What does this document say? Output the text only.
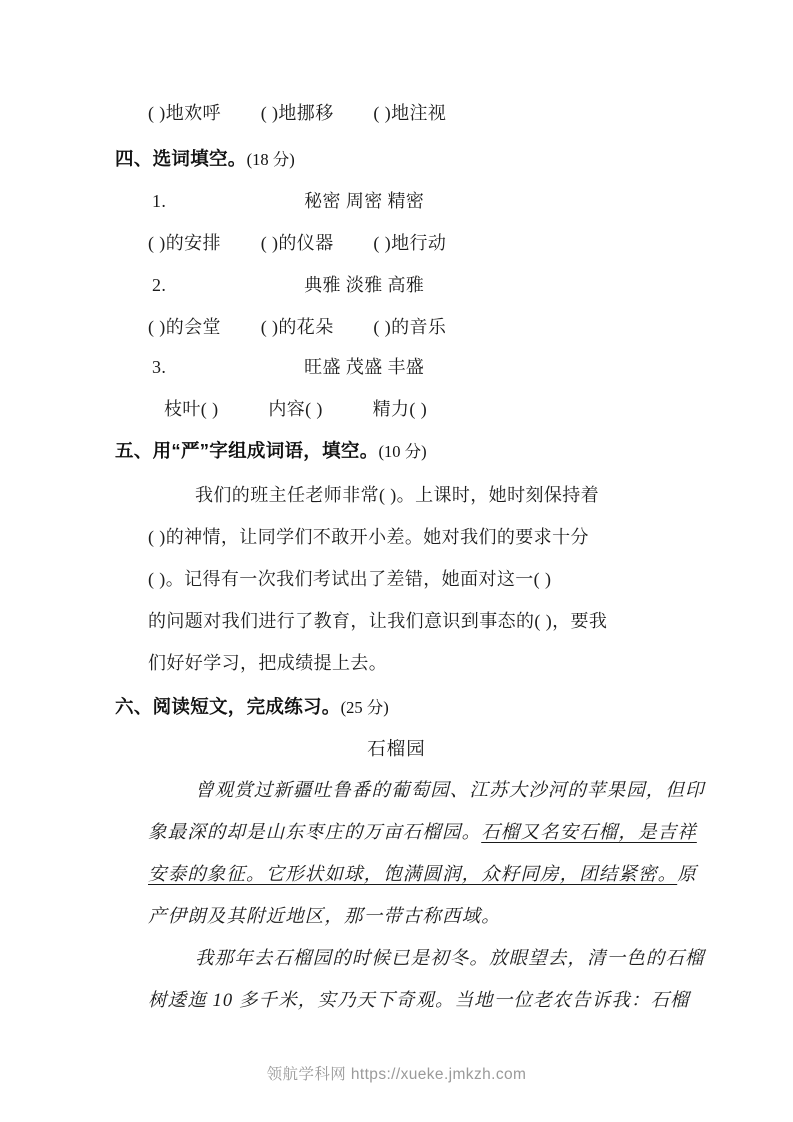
( )地欢呼 ( )地挪移 ( )地注视
四、选词填空。(18 分)
1.	秘密 周密 精密
( )的安排 ( )的仪器 ( )地行动
2.	典雅 淡雅 高雅
( )的会堂 ( )的花朵 ( )的音乐
3.	旺盛 茂盛 丰盛
枝叶( )	内容( )	精力( )
五、用“严”字组成词语，填空。(10 分)
我们的班主任老师非常( )。上课时，她时刻保持着
( )的神情，让同学们不敢开小差。她对我们的要求十分
( )。记得有一次我们考试出了差错，她面对这一( )
的问题对我们进行了教育，让我们意识到事态的( )，要我
们好好学习，把成绩提上去。
六、阅读短文，完成练习。(25 分)
石榴园
曾观赏过新疆吐鲁番的葡萄园、江苏大沙河的苹果园，但印
象最深的却是山东枣庄的万亩石榴园。石榴又名安石榴，是吉祥
安泰的象征。它形状如球，饱满圆润，众籽同房，团结紧密。原
产伊朗及其附近地区，那一带古称西域。
我那年去石榴园的时候已是初冬。放眼望去，清一色的石榴
树逶迤 10 多千米，实乃天下奇观。当地一位老农告诉我：石榴
领航学科网 https://xueke.jmkzh.com
